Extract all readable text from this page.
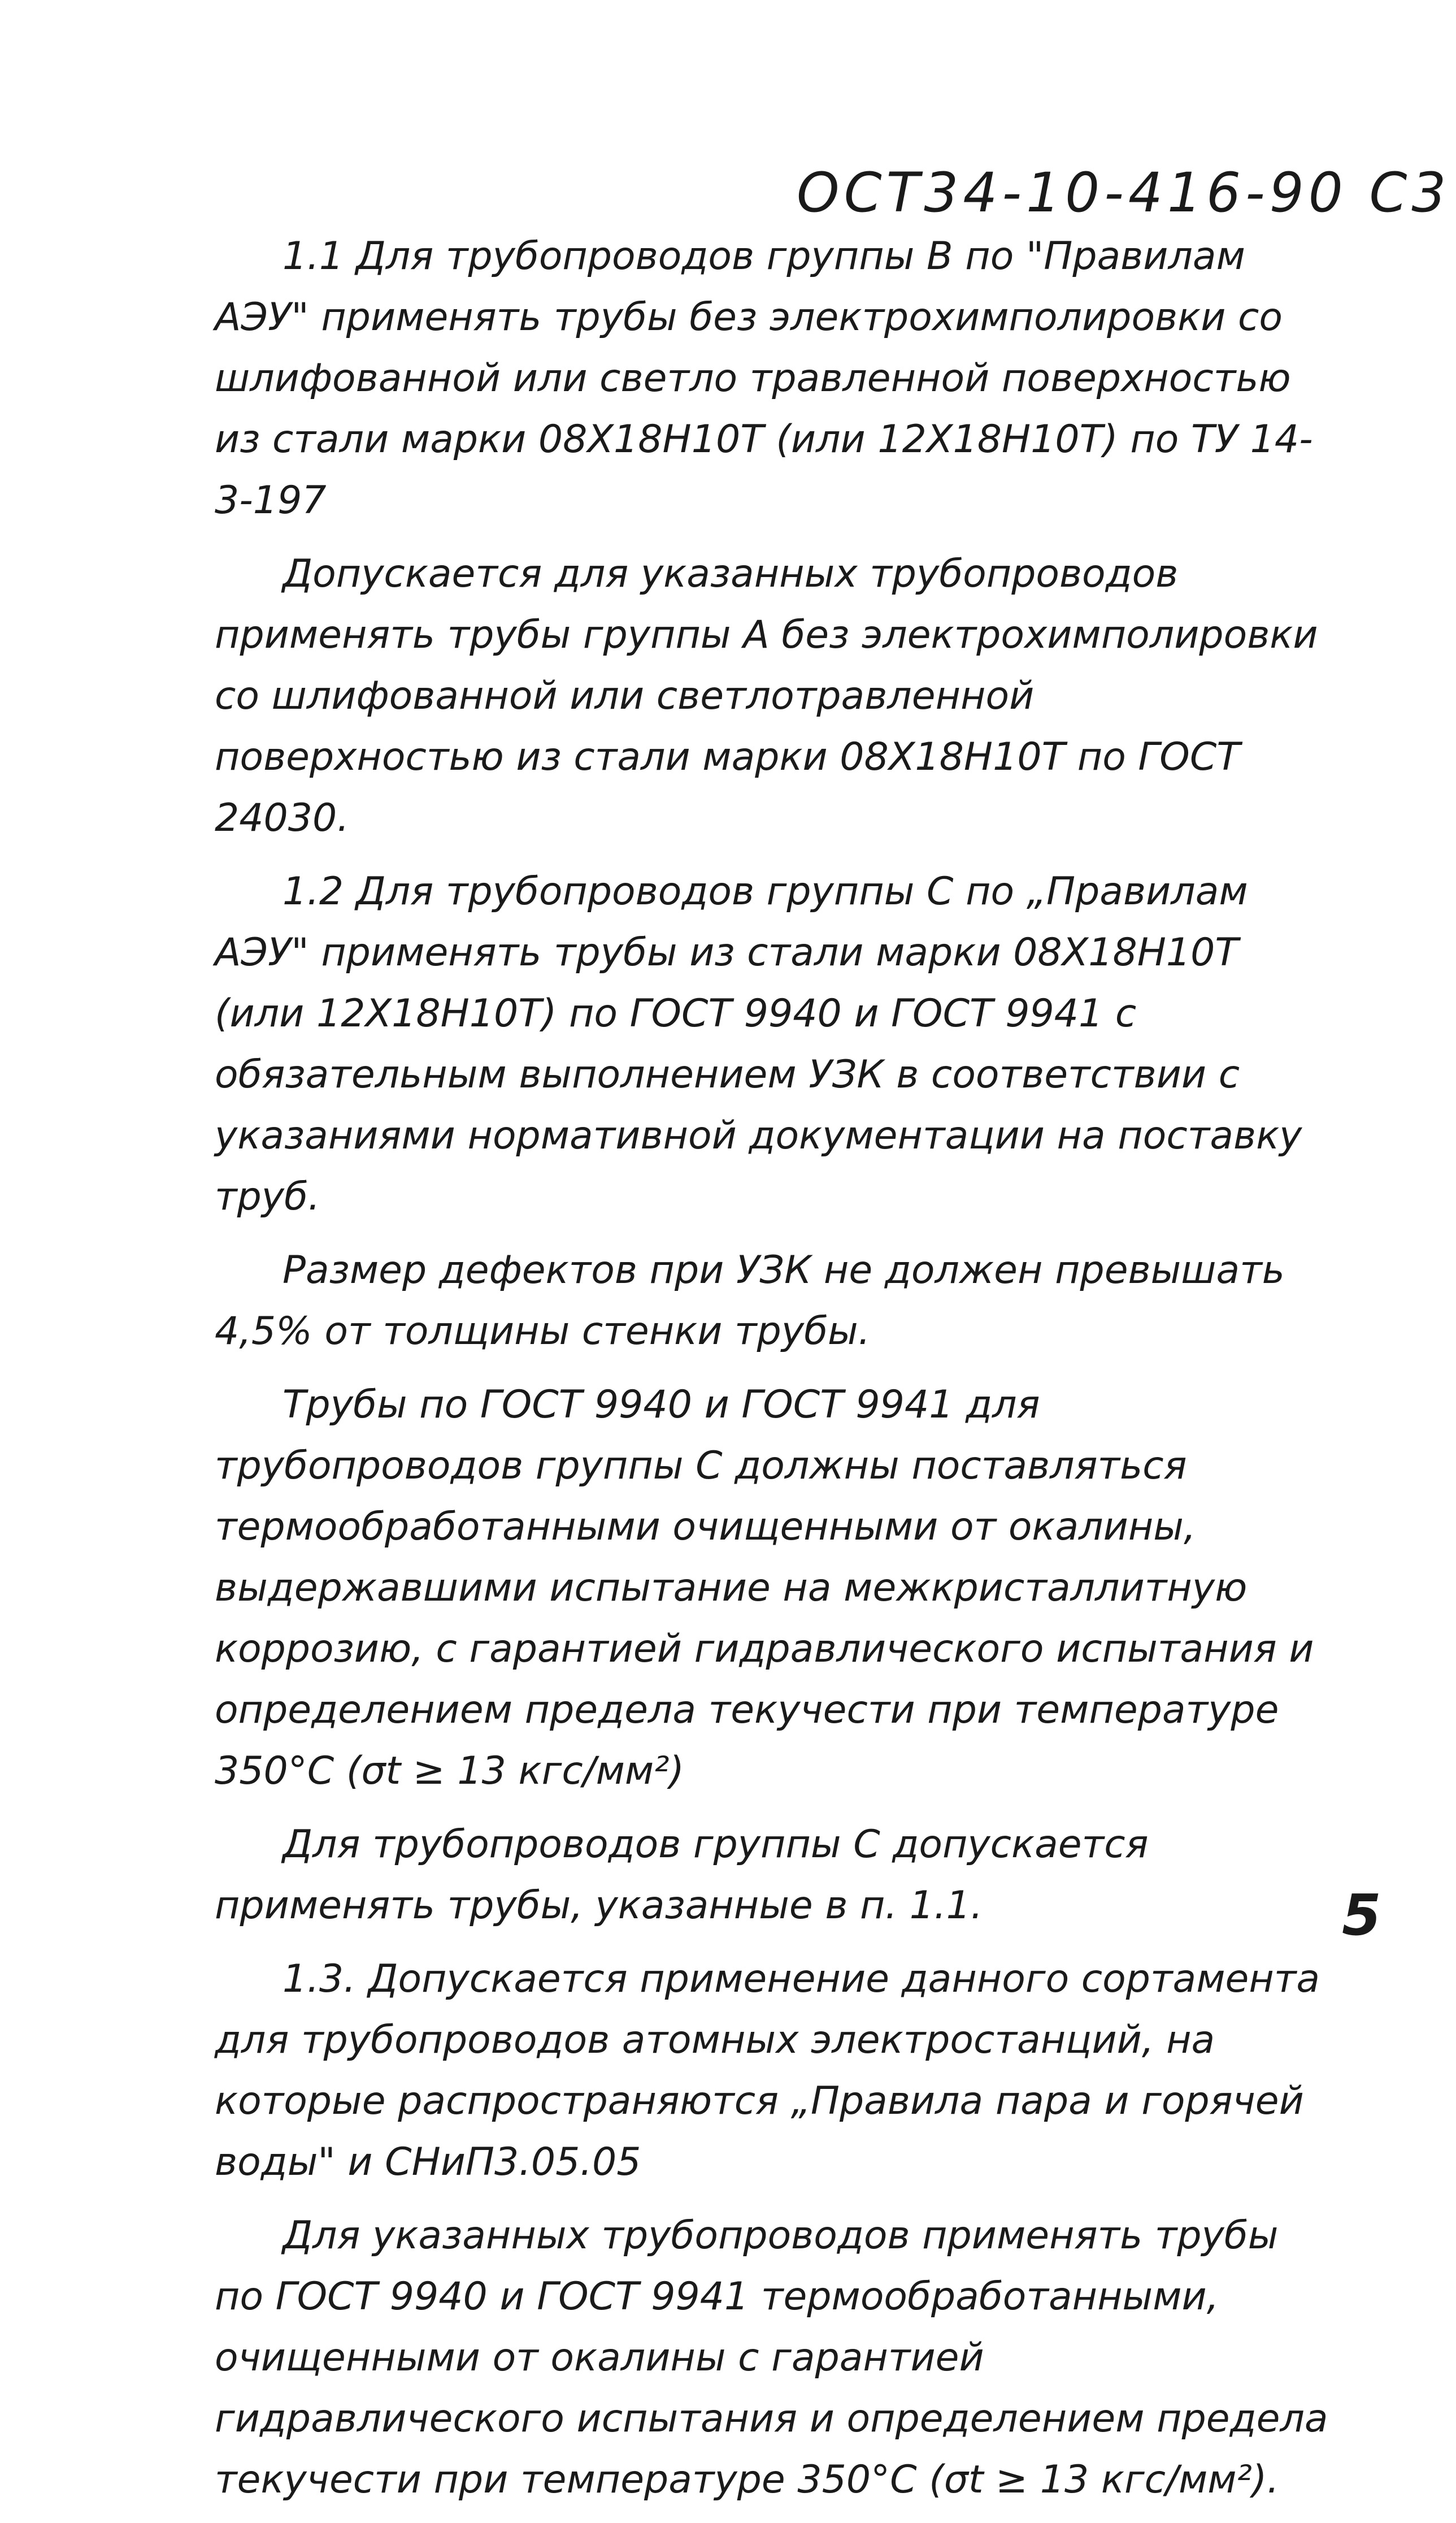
ОСТ34-10-416-90 С3

1.1 Для трубопроводов группы В по "Правилам АЭУ" применять трубы без электрохимполировки со шлифованной или светло травленной поверхностью из стали марки 08Х18Н10Т (или 12Х18Н10Т) по ТУ 14-3-197

Допускается для указанных трубопроводов применять трубы группы А без электрохимполировки со шлифованной или светлотравленной поверхностью из стали марки 08Х18Н10Т по ГОСТ 24030.

1.2 Для трубопроводов группы С по „Правилам АЭУ" применять трубы из стали марки 08Х18Н10Т (или 12Х18Н10Т) по ГОСТ 9940 и ГОСТ 9941 с обязательным выполнением УЗК в соответствии с указаниями нормативной документации на поставку труб.

Размер дефектов при УЗК не должен превышать 4,5% от толщины стенки трубы.

Трубы по ГОСТ 9940 и ГОСТ 9941 для трубопроводов группы С должны поставляться термообработанными очищенными от окалины, выдержавшими испытание на межкристаллитную коррозию, с гарантией гидравлического испытания и определением предела текучести при температуре 350°С (σt ≥ 13 кгс/мм²)

Для трубопроводов группы С допускается применять трубы, указанные в п. 1.1.

1.3. Допускается применение данного сортамента для трубопроводов атомных электростанций, на которые распространяются „Правила пара и горячей воды" и СНиП3.05.05

Для указанных трубопроводов применять трубы по ГОСТ 9940 и ГОСТ 9941 термообработанными, очищенными от окалины с гарантией гидравлического испытания и определением предела текучести при температуре 350°С (σt ≥ 13 кгс/мм²).

5
